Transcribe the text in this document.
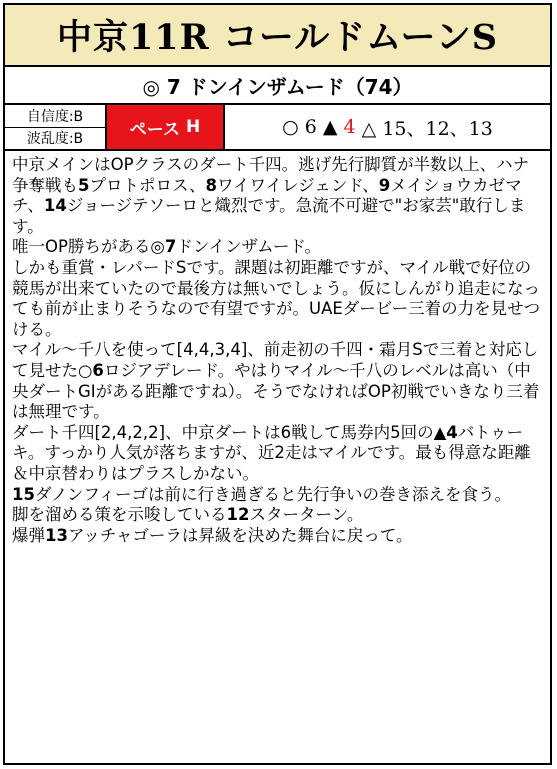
中京11R コールドムーンS
◎ 7 ドンインザムード（74）
自信度:B
波乱度:B	ペース H	○ 6 ▲ 4 △ 15、12、13

中京メインはOPクラスのダート千四。逃げ先行脚質が半数以上、ハナ争奪戦も5プロトポロス、8ワイワイレジェンド、9メイショウカゼマチ、14ジョージテソーロと熾烈です。急流不可避で"お家芸"敢行します。

唯一OP勝ちがある◎7ドンインザムード。

しかも重賞・レパードSです。課題は初距離ですが、マイル戦で好位の競馬が出来ていたので最後方は無いでしょう。仮にしんがり追走になっても前が止まりそうなので有望ですが。UAEダービー三着の力を見せつける。

マイル～千八を使って[4,4,3,4]、前走初の千四・霜月Sで三着と対応して見せた○6ロジアデレード。やはりマイル～千八のレベルは高い（中央ダートGIがある距離ですね）。そうでなければOP初戦でいきなり三着は無理です。

ダート千四[2,4,2,2]、中京ダートは6戦して馬券内5回の▲4バトゥーキ。すっかり人気が落ちますが、近2走はマイルです。最も得意な距離＆中京替わりはプラスしかない。

15ダノンフィーゴは前に行き過ぎると先行争いの巻き添えを食う。

脚を溜める策を示唆している12スターターン。

爆弾13アッチャゴーラは昇級を決めた舞台に戻って。
